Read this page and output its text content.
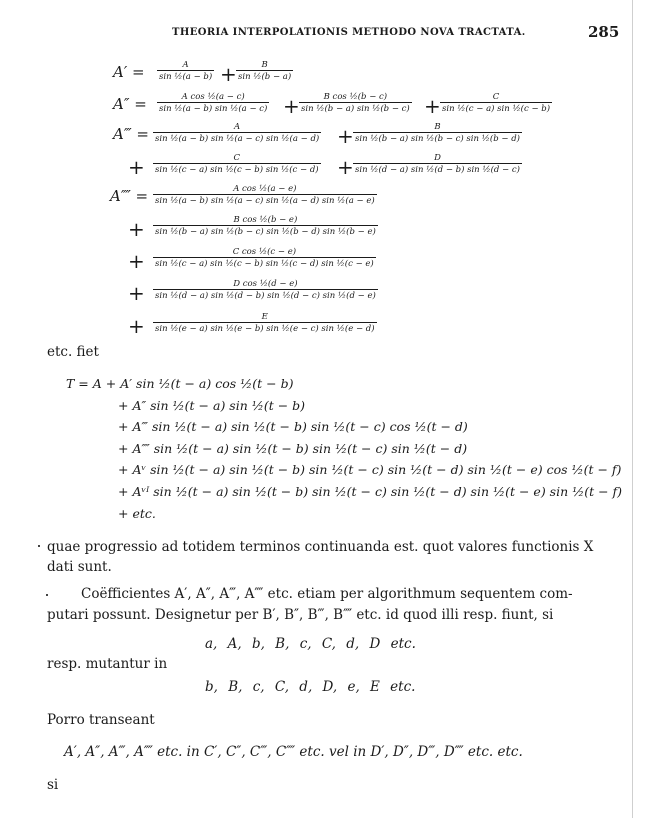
THEORIA INTERPOLATIONIS METHODO NOVA TRACTATA.	285
$A' = \frac{A}{\text{sin ½(a − b)}} + \frac{B}{\text{sin ½(b − a)}}$
$A'' = \frac{\text{A cos ½(a − c)}}{\text{sin ½(a − b) sin ½(a − c)}} + \frac{\text{B cos ½(b − c)}}{\text{sin ½(b − a) sin ½(b − c)}} + \frac{C}{\text{sin ½(c − a) sin ½(c − b)}}$
A‴ = $\frac{A}{\text{sin ½(a − b) sin ½(a − c) sin ½(a − d)}} + \frac{B}{\text{sin ½(b − a) sin ½(b − c) sin ½(b − d)}}$
+ $\frac{C}{\text{sin ½(c − a) sin ½(c − b) sin ½(c − d)}} + \frac{D}{\text{sin ½(d − a) sin ½(d − b) sin ½(d − c)}}$
A⁗ = $\frac{\text{A cos ½(a − e)}}{\text{sin ½(a − b) sin ½(a − c) sin ½(a − d) sin ½(a − e)}}$
+ $\frac{\text{B cos ½(b − e)}}{\text{sin ½(b − a) sin ½(b − c) sin ½(b − d) sin ½(b − e)}}$
+ $\frac{\text{C cos ½(c − e)}}{\text{sin ½(c − a) sin ½(c − b) sin ½(c − d) sin ½(c − e)}}$
+ $\frac{\text{D cos ½(d − e)}}{\text{sin ½(d − a) sin ½(d − b) sin ½(d − c) sin ½(d − e)}}$
+ $\frac{E}{\text{sin ½(e − a) sin ½(e − b) sin ½(e − c) sin ½(e − d)}}$
etc. fiet
T = A + A′ sin ½(t − a) cos ½(t − b)
+ A″ sin ½(t − a) sin ½(t − b)
+ A‴ sin ½(t − a) sin ½(t − b) sin ½(t − c) cos ½(t − d)
+ A⁗ sin ½(t − a) sin ½(t − b) sin ½(t − c) sin ½(t − d)
+ Aᵛ sin ½(t − a) sin ½(t − b) sin ½(t − c) sin ½(t − d) sin ½(t − e) cos ½(t − f)
+ Aᵛᴵ sin ½(t − a) sin ½(t − b) sin ½(t − c) sin ½(t − d) sin ½(t − e) sin ½(t − f)
+ etc.
quae progressio ad totidem terminos continuanda est. quot valores functionis X
dati sunt.
Coëfficientes A′, A″, A‴, A⁗ etc. etiam per algorithmum sequentem com-
putari possunt. Designetur per B′, B″, B‴, B⁗ etc. id quod illi resp. fiunt, si
a, A, b, B, c, C, d, D etc.
resp. mutantur in
b, B, c, C, d, D, e, E etc.
Porro transeant
A′, A″, A‴, A⁗ etc. in C′, C″, C‴, C⁗ etc. vel in D′, D″, D‴, D⁗ etc. etc.
si
